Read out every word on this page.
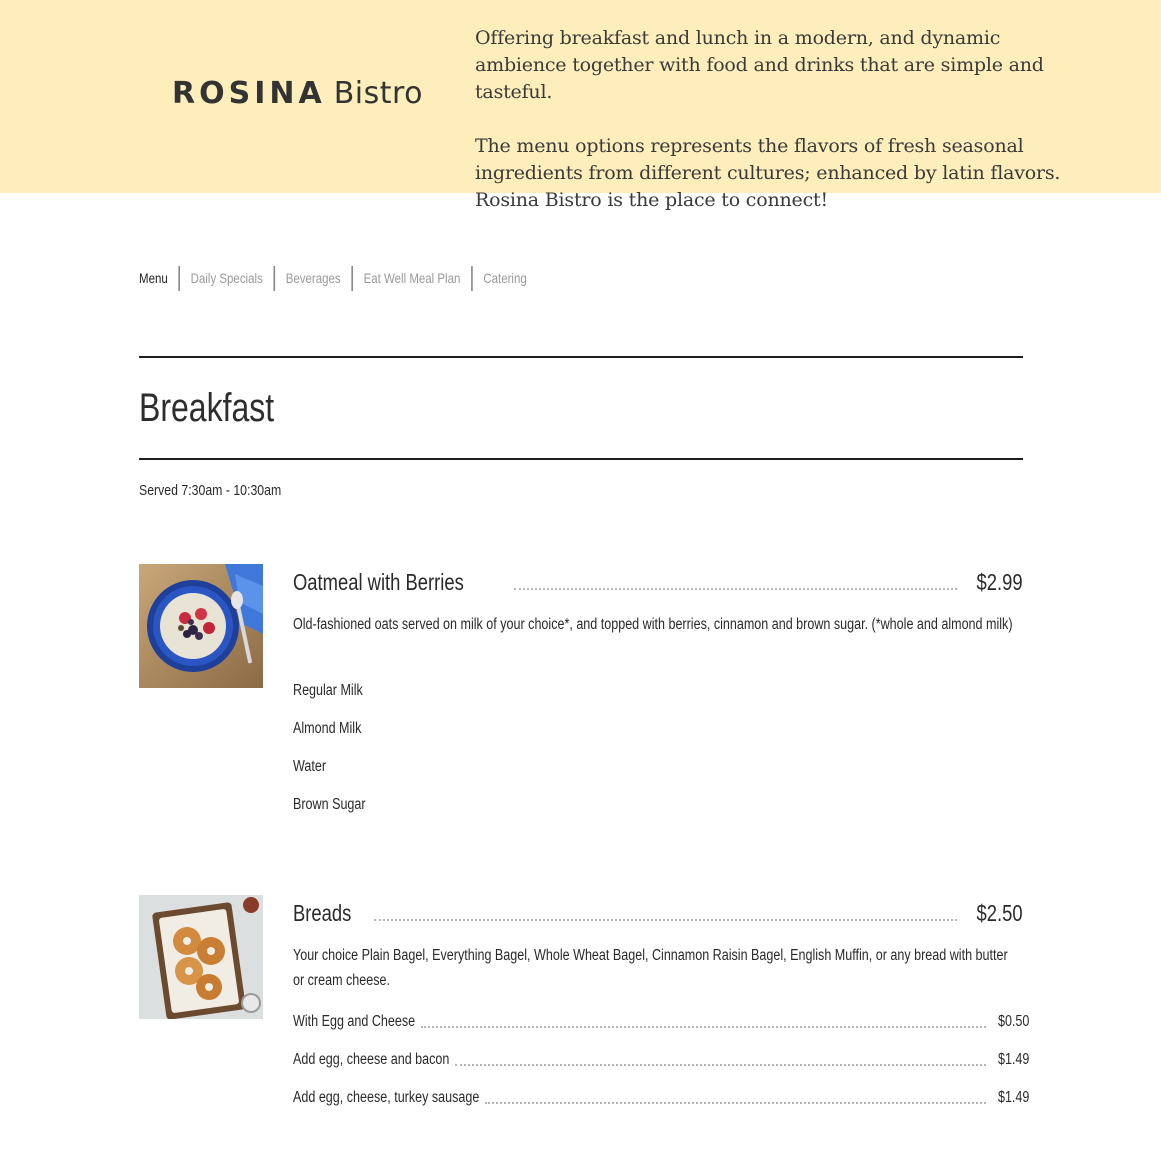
ROSINA Bistro

Offering breakfast and lunch in a modern, and dynamic ambience together with food and drinks that are simple and tasteful.

The menu options represents the flavors of fresh seasonal ingredients from different cultures; enhanced by latin flavors. Rosina Bistro is the place to connect!

Menu	Daily Specials	Beverages	Eat Well Meal Plan	Catering
Breakfast
Served 7:30am - 10:30am
Oatmeal with Berries	$2.99
Old-fashioned oats served on milk of your choice*, and topped with berries, cinnamon and brown sugar. (*whole and almond milk)
Regular Milk
Almond Milk
Water
Brown Sugar
Breads	$2.50
Your choice Plain Bagel, Everything Bagel, Whole Wheat Bagel, Cinnamon Raisin Bagel, English Muffin, or any bread with butter or cream cheese.
With Egg and Cheese	$0.50
Add egg, cheese and bacon	$1.49
Add egg, cheese, turkey sausage	$1.49
